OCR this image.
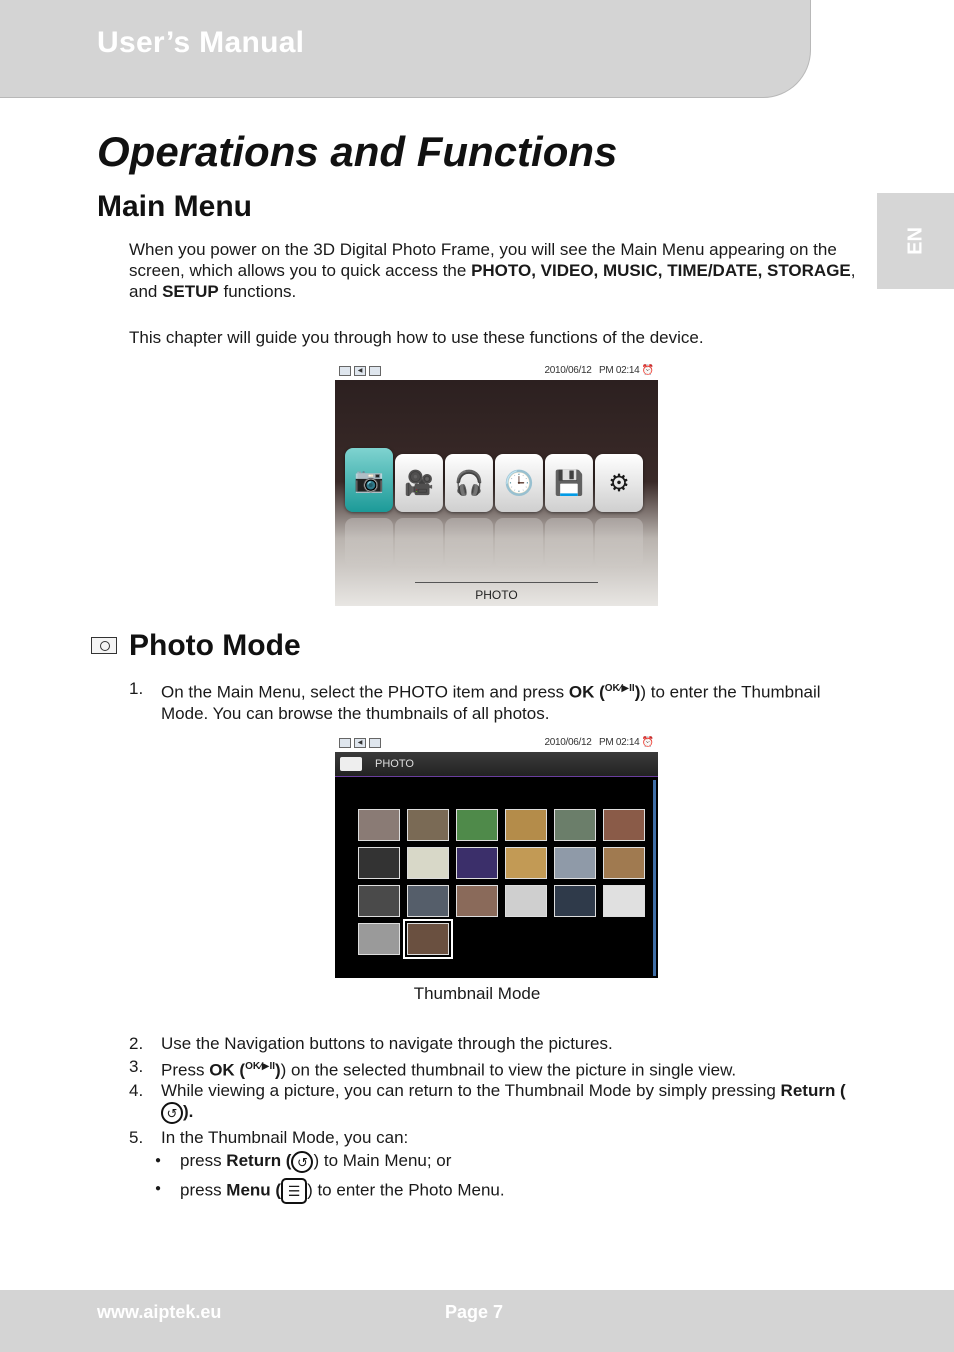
User’s Manual
EN
Operations and Functions
Main Menu

When you power on the 3D Digital Photo Frame, you will see the Main Menu appearing on the screen, which allows you to quick access the PHOTO, VIDEO, MUSIC, TIME/DATE, STORAGE, and SETUP functions.

This chapter will guide you through how to use these functions of the device.

◀	2010/06/12 PM 02:14 ⏰
📷 🎥 🎧 🕒 💾	⚙
PHOTO
Photo Mode
1. On the Main Menu, select the PHOTO item and press OK ($^{OK⁄▶II}$)) to enter the Thumbnail Mode. You can browse the thumbnails of all photos.
◀	2010/06/12 PM 02:14 ⏰
PHOTO
Thumbnail Mode
2. Use the Navigation buttons to navigate through the pictures.
3. Press OK ($^{OK⁄▶II}$)) on the selected thumbnail to view the picture in single view.
4. While viewing a picture, you can return to the Thumbnail Mode by simply pressing Return (↺ ).
5. In the Thumbnail Mode, you can:
● press Return ( ↺ ) to Main Menu; or
● press Menu ( ☰ ) to enter the Photo Menu.
www.aiptek.eu	Page 7
